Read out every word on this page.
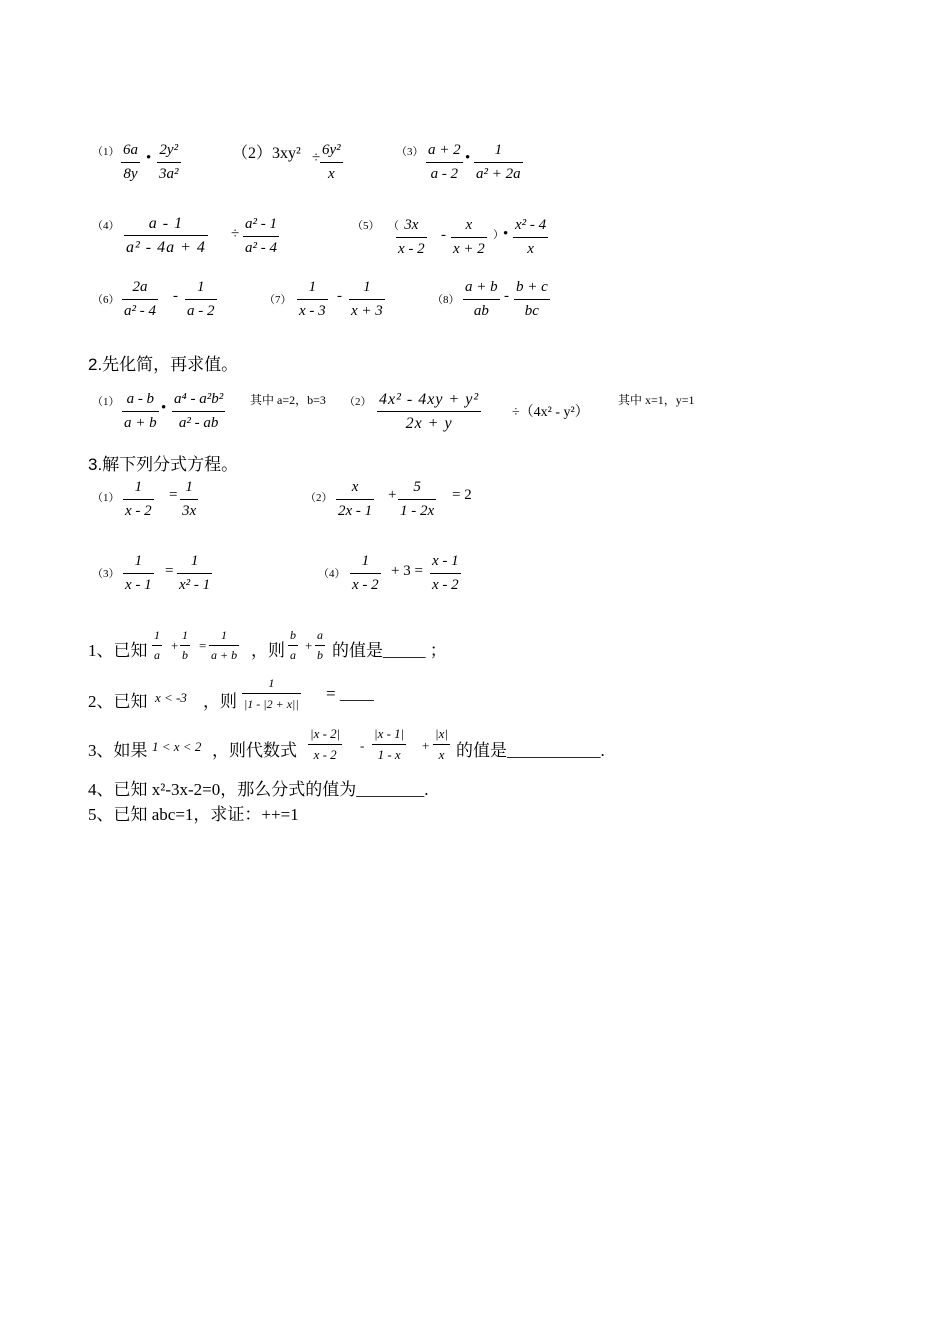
（1） 6a
8y
• 2y²
3a²
（2）3xy² ÷ 6y²
x
（3） a + 2
a - 2
• 1
a² + 2a
（4） a - 1
a² - 4a + 4
÷
a² - 1
a² - 4
（5） （ 3x
x - 2
-
x
x + 2
） •
x² - 4
x
（6）
2a
a² - 4
-
1
a - 2
（7）
1
x - 3
-
1
x + 3
（8）
a + b
ab
-
b + c
bc
2.先化简，再求值。
（1） a - b
a + b
•
a⁴ - a²b²
a² - ab
其中 a=2，b=3 （2） 4x² - 4xy + y²
2x + y
÷（4x² - y²）
其中 x=1，y=1
3.解下列分式方程。
（1）
1
x - 2
= 1
3x
（2）
x
2x - 1
+ 5
1 - 2x
= 2
（3）
1
x - 1
=
1
x² - 1
（4）
1
x - 2
+ 3 =
x - 1
x - 2
1、已知
1
a
+
1
b
=
1
a + b ，则
b
a
+
a
b 的值是_____ ；
2、已知 x < -3 ，则
1
|1 - |2 + x||
= ____
3、如果 1 < x < 2 ，则代数式
|x - 2|
x - 2
-
|x - 1|
1 - x
+
|x|
x 的值是___________.
4、已知 x²-3x-2=0，那么分式的值为________.
5、已知 abc=1，求证：++=1
